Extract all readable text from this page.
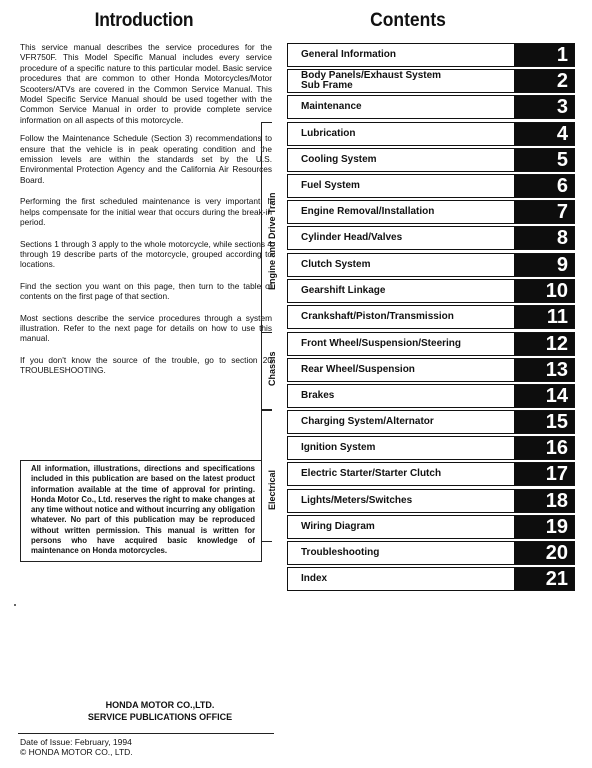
Introduction	Contents

This service manual describes the service procedures for the VFR750F. This Model Specific Manual includes every service procedure of a specific nature to this particular model. Basic service procedures that are common to other Honda Motorcycles/Motor Scooters/ATVs are covered in the Common Service Manual. This Model Specific Service Manual should be used together with the Common Service Manual in order to provide complete service information on all aspects of this motorcycle.

Follow the Maintenance Schedule (Section 3) recommendations to ensure that the vehicle is in peak operating condition and the emission levels are within the standards set by the U.S. Environmental Protection Agency and the California Air Resources Board.

Performing the first scheduled maintenance is very important. It helps compensate for the initial wear that occurs during the break-in period.

Sections 1 through 3 apply to the whole motorcycle, while sections 4 through 19 describe parts of the motorcycle, grouped according to locations.

Find the section you want on this page, then turn to the table of contents on the first page of that section.

Most sections describe the service procedures through a system illustration. Refer to the next page for details on how to use this manual.

If you don't know the source of the trouble, go to section 20 TROUBLESHOOTING.

All information, illustrations, directions and specifications included in this publication are based on the latest product information available at the time of approval for printing. Honda Motor Co., Ltd. reserves the right to make changes at any time without notice and without incurring any obligation whatever. No part of this publication may be reproduced without written permission. This manual is written for persons who have acquired basic knowledge of maintenance on Honda motorcycles.
HONDA MOTOR CO.,LTD.
SERVICE PUBLICATIONS OFFICE
Date of Issue: February, 1994
© HONDA MOTOR CO., LTD.
Engine and Drive Train
Chassis
Electrical
General Information	1
Body Panels/Exhaust System
Sub Frame	2
Maintenance	3
Lubrication	4
Cooling System	5
Fuel System	6
Engine Removal/Installation	7
Cylinder Head/Valves	8
Clutch System	9
Gearshift Linkage	10
Crankshaft/Piston/Transmission	11
Front Wheel/Suspension/Steering	12
Rear Wheel/Suspension	13
Brakes	14
Charging System/Alternator	15
Ignition System	16
Electric Starter/Starter Clutch	17
Lights/Meters/Switches	18
Wiring Diagram	19
Troubleshooting	20
Index	21
